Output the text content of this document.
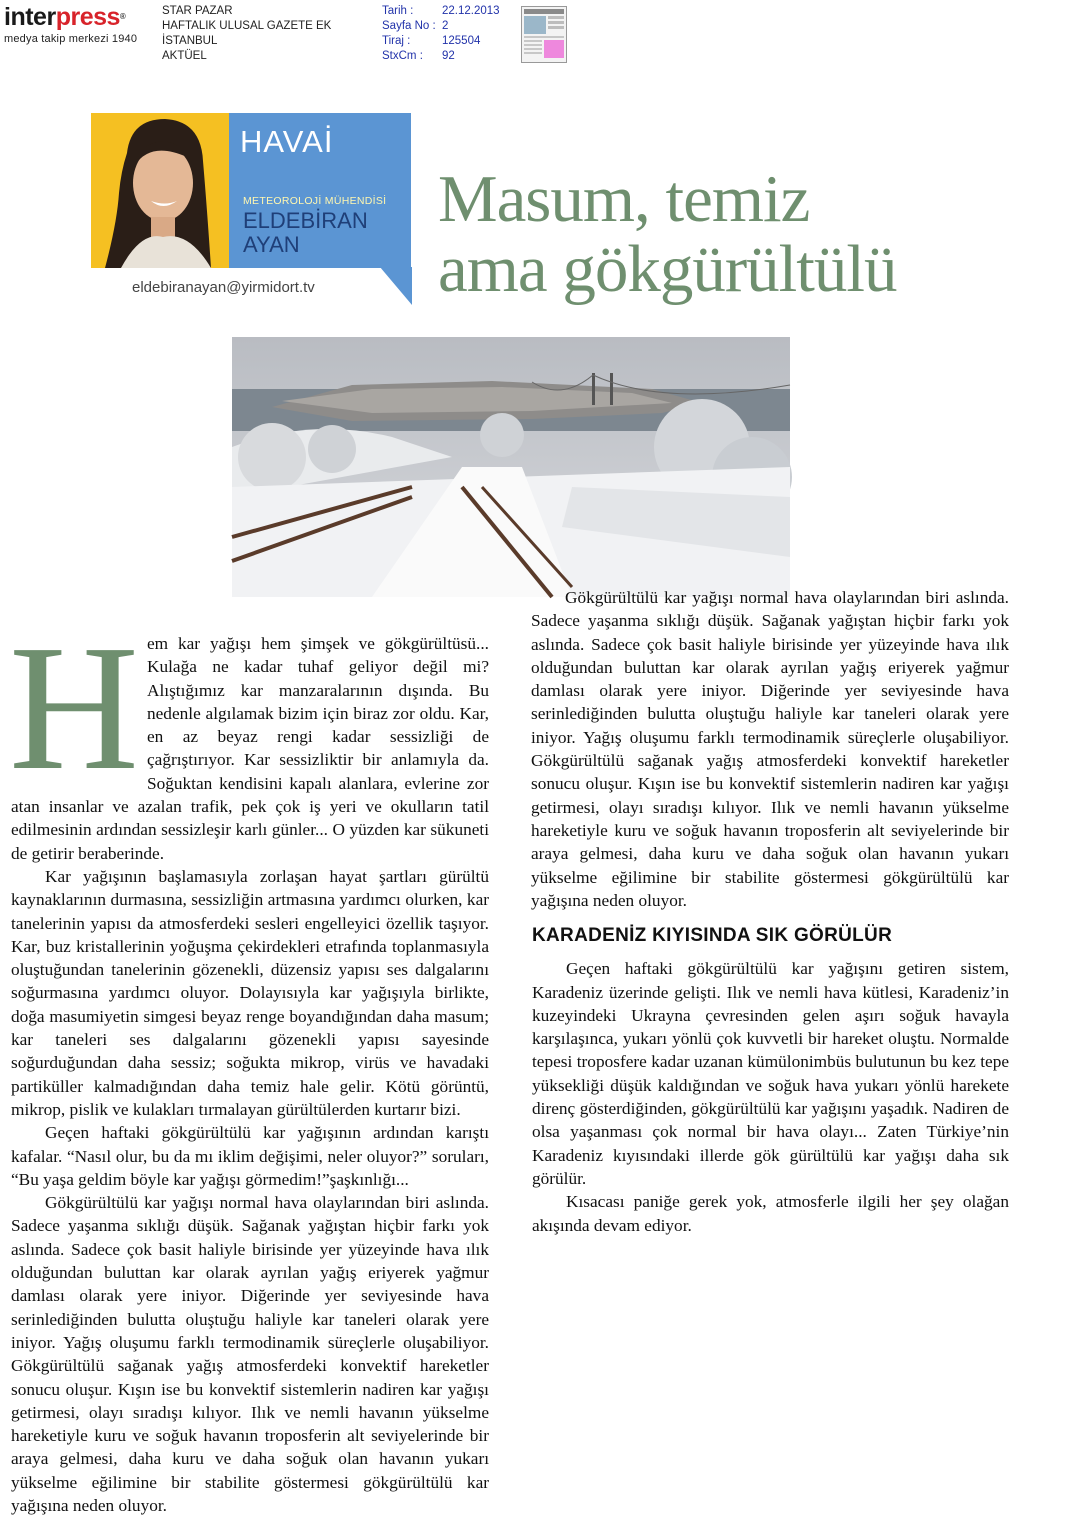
interpress®
medya takip merkezi 1940
STAR PAZAR
HAFTALIK ULUSAL GAZETE EK
İSTANBUL
AKTÜEL
Tarih : 22.12.2013
Sayfa No : 2
Tiraj :	125504
StxCm : 92
HAVAİ
METEOROLOJİ MÜHENDİSİ
ELDEBİRAN
AYAN
eldebiranayan@yirmidort.tv
Masum, temiz
ama gökgürültülü
H em kar yağışı hem şimşek ve gökgürültüsü... Kulağa ne kadar tuhaf geliyor değil mi? Alıştığımız kar manzaralarının dışında. Bu nedenle algılamak bizim için biraz zor oldu. Kar, en az beyaz rengi kadar sessizliği de çağrıştırıyor. Kar sessizliktir bir anlamıyla da. Soğuktan kendisini kapalı alanlara, evlerine zor atan insanlar ve azalan trafik, pek çok iş yeri ve okulların tatil edilmesinin ardından sessizleşir karlı günler... O yüzden kar sükuneti de getirir beraberinde.

Kar yağışının başlamasıyla zorlaşan hayat şartları gürültü kaynaklarının durmasına, sessizliğin artmasına yardımcı olurken, kar tanelerinin yapısı da atmosferdeki sesleri engelleyici özellik taşıyor. Kar, buz kristallerinin yoğuşma çekirdekleri etrafında toplanmasıyla oluştuğundan tanelerinin gözenekli, düzensiz yapısı ses dalgalarını soğurmasına yardımcı oluyor. Dolayısıyla kar yağışıyla birlikte, doğa masumiyetin simgesi beyaz renge boyandığından daha masum; kar taneleri ses dalgalarını gözenekli yapısı sayesinde soğurduğundan daha sessiz; soğukta mikrop, virüs ve havadaki partiküller kalmadığından daha temiz hale gelir. Kötü görüntü, mikrop, pislik ve kulakları tırmalayan gürültülerden kurtarır bizi.

Geçen haftaki gökgürültülü kar yağışının ardından karıştı kafalar. “Nasıl olur, bu da mı iklim değişimi, neler oluyor?” soruları, “Bu yaşa geldim böyle kar yağışı görmedim!”şaşkınlığı...

Gökgürültülü kar yağışı normal hava olaylarından biri aslında. Sadece yaşanma sıklığı düşük. Sağanak yağıştan hiçbir farkı yok aslında. Sadece çok basit haliyle birisinde yer yüzeyinde hava ılık olduğundan buluttan kar olarak ayrılan yağış eriyerek yağmur damlası olarak yere iniyor. Diğerinde yer seviyesinde hava serinlediğinden bulutta oluştuğu haliyle kar taneleri olarak yere iniyor. Yağış oluşumu farklı termodinamik süreçlerle oluşabiliyor. Gökgürültülü sağanak yağış atmosferdeki konvektif hareketler sonucu oluşur. Kışın ise bu konvektif sistemlerin nadiren kar yağışı getirmesi, olayı sıradışı kılıyor. Ilık ve nemli havanın yükselme hareketiyle kuru ve soğuk havanın troposferin alt seviyelerinde bir araya gelmesi, daha kuru ve daha soğuk olan havanın yukarı yükselme eğilimine bir stabilite göstermesi gökgürültülü kar yağışına neden oluyor.

Gökgürültülü kar yağışı normal hava olaylarından biri aslında. Sadece yaşanma sıklığı düşük. Sağanak yağıştan hiçbir farkı yok aslında. Sadece çok basit haliyle birisinde yer yüzeyinde hava ılık olduğundan buluttan kar olarak ayrılan yağış eriyerek yağmur damlası olarak yere iniyor. Diğerinde yer seviyesinde hava serinlediğinden bulutta oluştuğu haliyle kar taneleri olarak yere iniyor. Yağış oluşumu farklı termodinamik süreçlerle oluşabiliyor. Gökgürültülü sağanak yağış atmosferdeki konvektif hareketler sonucu oluşur. Kışın ise bu konvektif sistemlerin nadiren kar yağışı getirmesi, olayı sıradışı kılıyor. Ilık ve nemli havanın yükselme hareketiyle kuru ve soğuk havanın troposferin alt seviyelerinde bir araya gelmesi, daha kuru ve daha soğuk olan havanın yukarı yükselme eğilimine bir stabilite göstermesi gökgürültülü kar yağışına neden oluyor.

KARADENİZ KIYISINDA SIK GÖRÜLÜR

Geçen haftaki gökgürültülü kar yağışını getiren sistem, Karadeniz üzerinde gelişti. Ilık ve nemli hava kütlesi, Karadeniz’in kuzeyindeki Ukrayna çevresinden gelen aşırı soğuk havayla karşılaşınca, yukarı yönlü çok kuvvetli bir hareket oluştu. Normalde tepesi troposfere kadar uzanan kümülonimbüs bulutunun bu kez tepe yüksekliği düşük kaldığından ve soğuk hava yukarı yönlü harekete direnç gösterdiğinden, gökgürültülü kar yağışını yaşadık. Nadiren de olsa yaşanması çok normal bir hava olayı... Zaten Türkiye’nin Karadeniz kıyısındaki illerde gök gürültülü kar yağışı daha sık görülür.

Kısacası paniğe gerek yok, atmosferle ilgili her şey olağan akışında devam ediyor.
